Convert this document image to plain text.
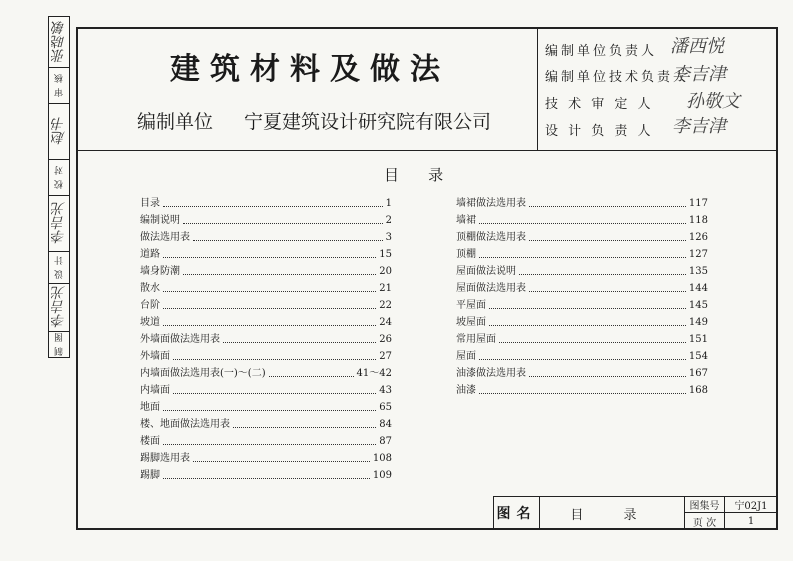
张晓敏
审 核
赵书
校 对
李吉光
设 计
李吉光
制 图
建筑材料及做法
编制单位 宁夏建筑设计研究院有限公司
编制单位负责人 潘西悦
编制单位技术负责人
李吉津
技 术 审 定 人 孙敬文
设 计 负 责 人 李吉津
目    录
目录	1
编制说明	2
做法选用表	3
道路	15
墙身防潮	20
散水	21
台阶	22
坡道	24
外墙面做法选用表	26
外墙面	27
内墙面做法选用表(一)～(二)	41～42
内墙面	43
地面	65
楼、地面做法选用表	84
楼面	87
踢脚选用表	108
踢脚	109
墙裙做法选用表	117
墙裙	118
顶棚做法选用表	126
顶棚	127
屋面做法说明	135
屋面做法选用表	144
平屋面	145
坡屋面	149
常用屋面	151
屋面	154
油漆做法选用表	167
油漆	168
图名	目 录
图集号	宁02J1
页 次	1
